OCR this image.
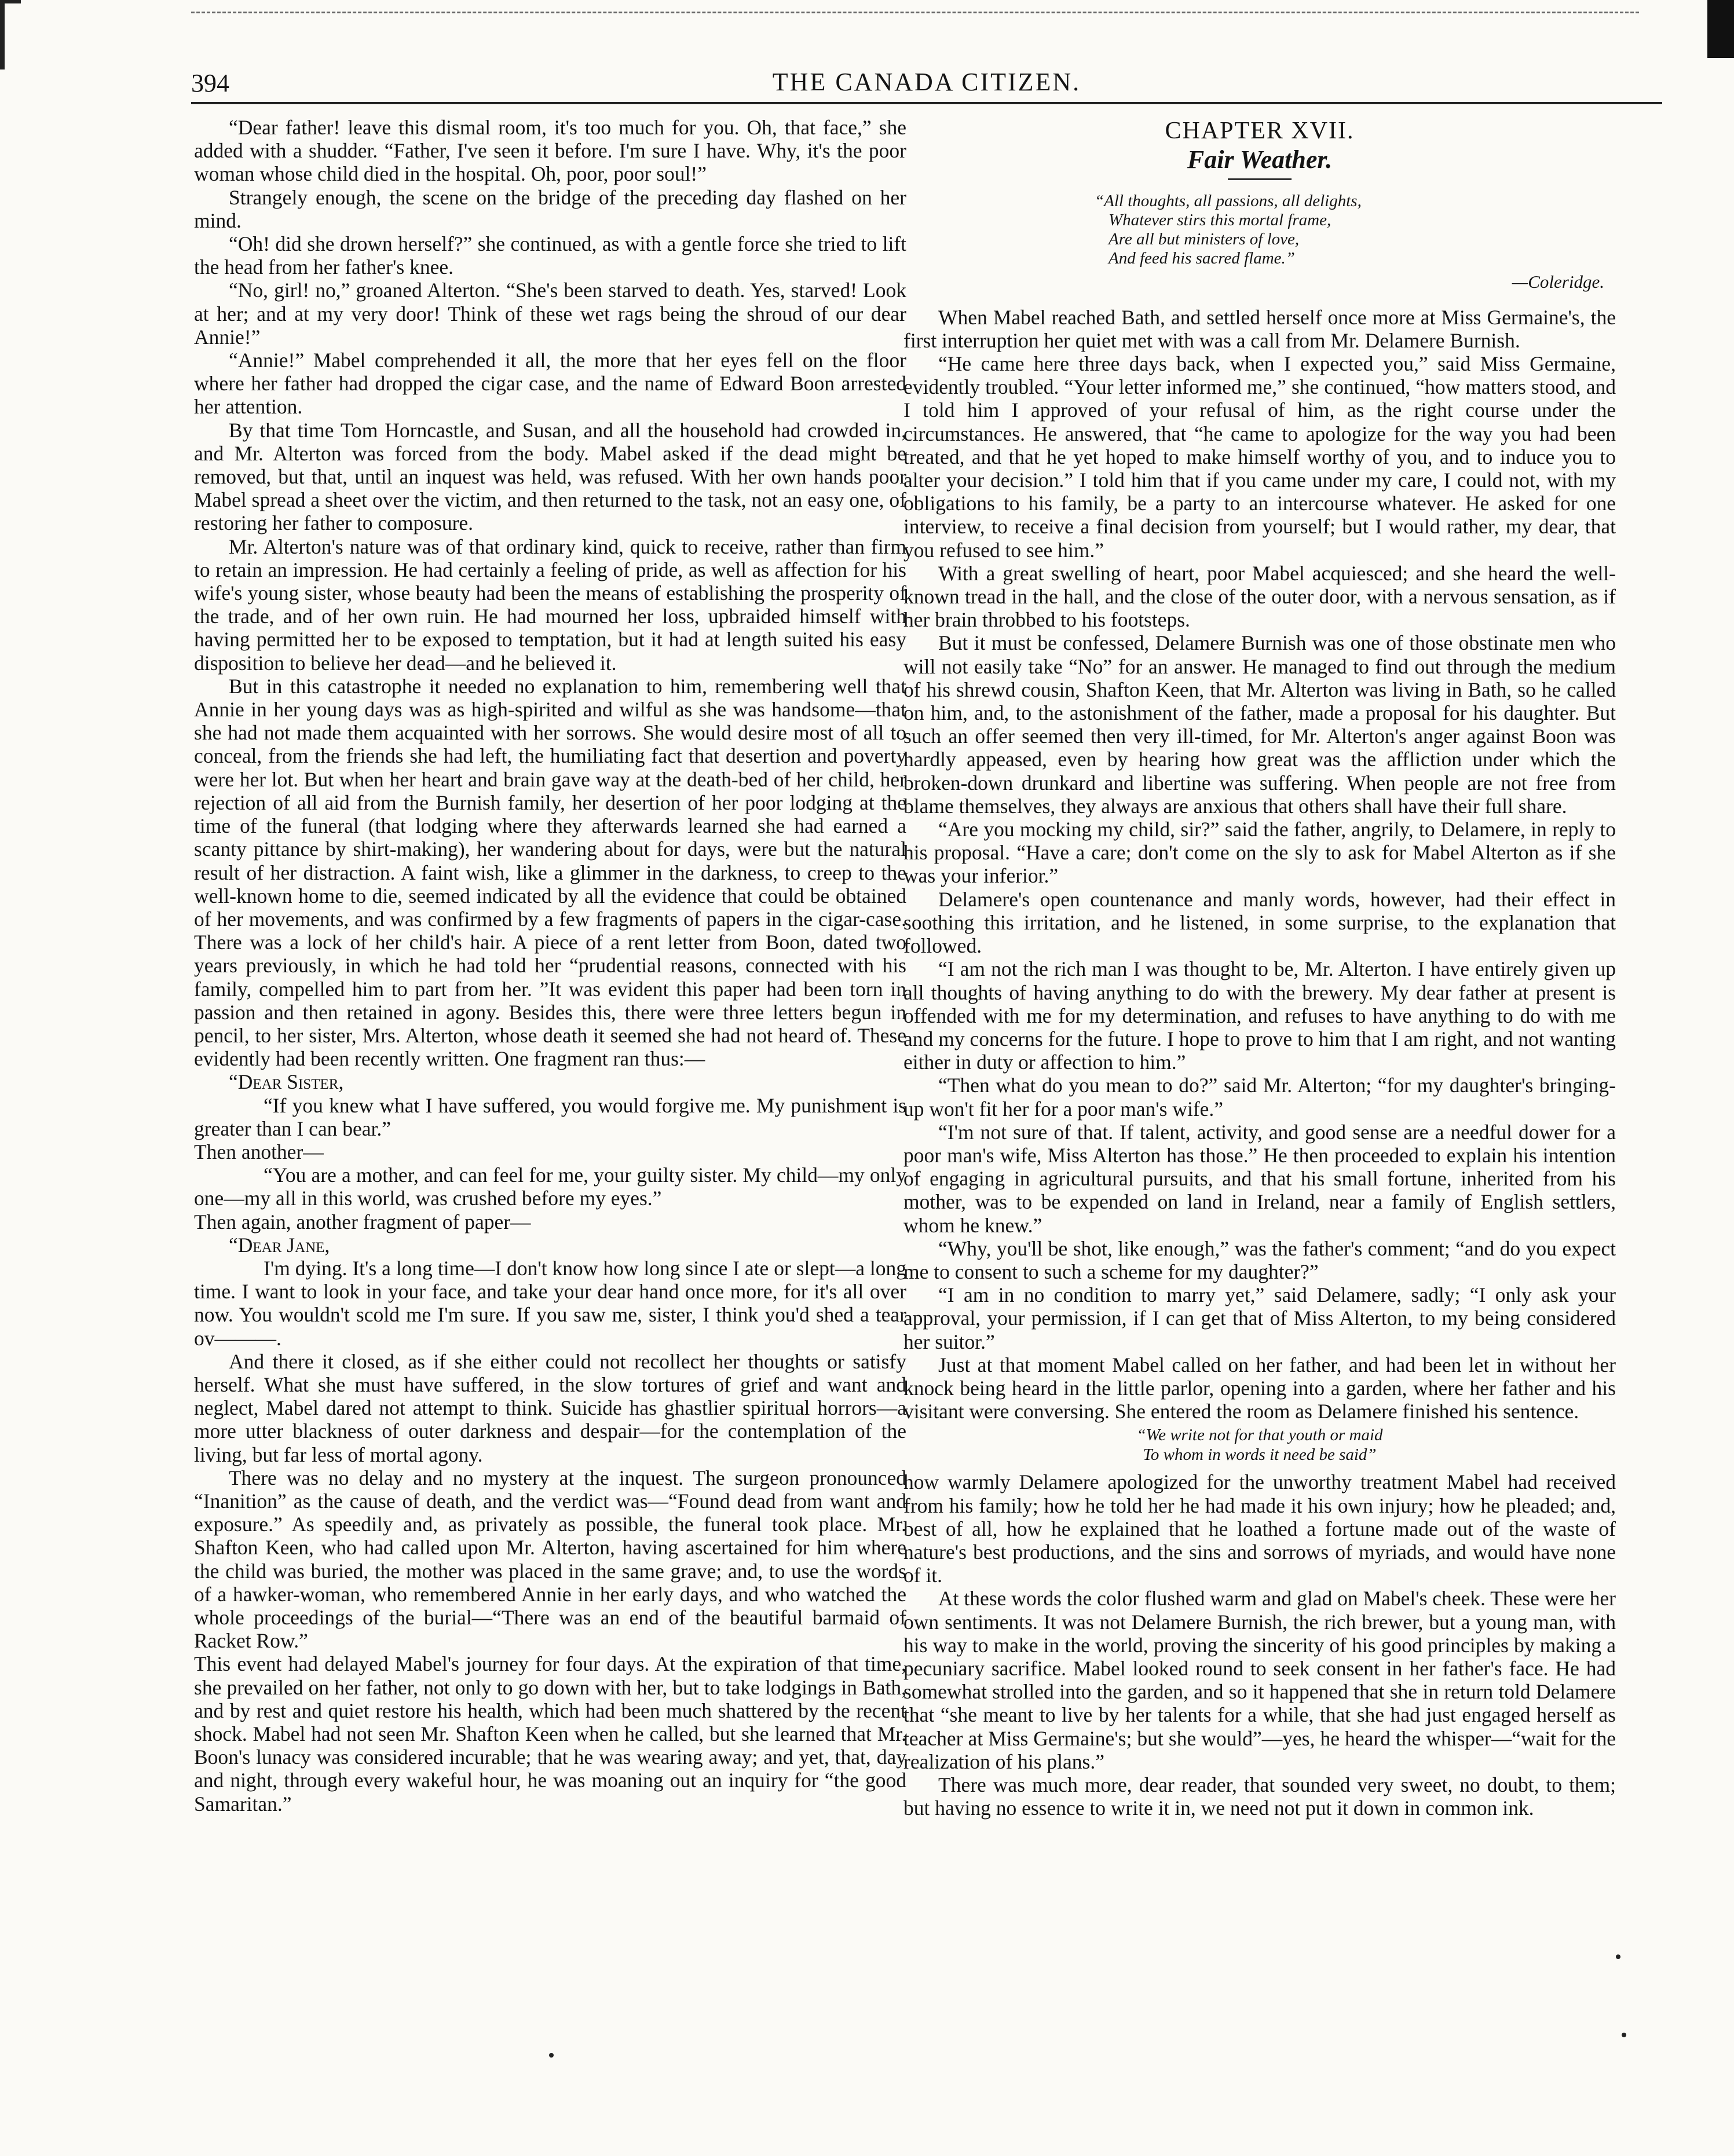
394	THE CANADA CITIZEN.

“Dear father! leave this dismal room, it's too much for you. Oh, that face,” she added with a shudder. “Father, I've seen it before. I'm sure I have. Why, it's the poor woman whose child died in the hospital. Oh, poor, poor soul!”

Strangely enough, the scene on the bridge of the preceding day flashed on her mind.

“Oh! did she drown herself?” she continued, as with a gentle force she tried to lift the head from her father's knee.

“No, girl! no,” groaned Alterton. “She's been starved to death. Yes, starved! Look at her; and at my very door! Think of these wet rags being the shroud of our dear Annie!”

“Annie!” Mabel comprehended it all, the more that her eyes fell on the floor where her father had dropped the cigar case, and the name of Edward Boon arrested her attention.

By that time Tom Horncastle, and Susan, and all the household had crowded in, and Mr. Alterton was forced from the body. Mabel asked if the dead might be removed, but that, until an inquest was held, was refused. With her own hands poor Mabel spread a sheet over the victim, and then returned to the task, not an easy one, of restoring her father to composure.

Mr. Alterton's nature was of that ordinary kind, quick to receive, rather than firm to retain an impression. He had certainly a feeling of pride, as well as affection for his wife's young sister, whose beauty had been the means of establishing the prosperity of the trade, and of her own ruin. He had mourned her loss, upbraided himself with having permitted her to be exposed to temptation, but it had at length suited his easy disposition to believe her dead—and he believed it.

But in this catastrophe it needed no explanation to him, remembering well that Annie in her young days was as high-spirited and wilful as she was handsome—that she had not made them acquainted with her sorrows. She would desire most of all to conceal, from the friends she had left, the humiliating fact that desertion and poverty were her lot. But when her heart and brain gave way at the death-bed of her child, her rejection of all aid from the Burnish family, her desertion of her poor lodging at the time of the funeral (that lodging where they afterwards learned she had earned a scanty pittance by shirt-making), her wandering about for days, were but the natural result of her distraction. A faint wish, like a glimmer in the darkness, to creep to the well-known home to die, seemed indicated by all the evidence that could be obtained of her movements, and was confirmed by a few fragments of papers in the cigar-case. There was a lock of her child's hair. A piece of a rent letter from Boon, dated two years previously, in which he had told her “prudential reasons, connected with his family, compelled him to part from her. ”It was evident this paper had been torn in passion and then retained in agony. Besides this, there were three letters begun in pencil, to her sister, Mrs. Alterton, whose death it seemed she had not heard of. These evidently had been recently written. One fragment ran thus:—

“Dear Sister,

“If you knew what I have suffered, you would forgive me. My punishment is greater than I can bear.”

Then another—

“You are a mother, and can feel for me, your guilty sister. My child—my only one—my all in this world, was crushed before my eyes.”

Then again, another fragment of paper—

“Dear Jane,

I'm dying. It's a long time—I don't know how long since I ate or slept—a long time. I want to look in your face, and take your dear hand once more, for it's all over now. You wouldn't scold me I'm sure. If you saw me, sister, I think you'd shed a tear ov———.

And there it closed, as if she either could not recollect her thoughts or satisfy herself. What she must have suffered, in the slow tortures of grief and want and neglect, Mabel dared not attempt to think. Suicide has ghastlier spiritual horrors—a more utter blackness of outer darkness and despair—for the contemplation of the living, but far less of mortal agony.

There was no delay and no mystery at the inquest. The surgeon pronounced “Inanition” as the cause of death, and the verdict was—“Found dead from want and exposure.” As speedily and, as privately as possible, the funeral took place. Mr. Shafton Keen, who had called upon Mr. Alterton, having ascertained for him where the child was buried, the mother was placed in the same grave; and, to use the words of a hawker-woman, who remembered Annie in her early days, and who watched the whole proceedings of the burial—“There was an end of the beautiful barmaid of Racket Row.”

This event had delayed Mabel's journey for four days. At the expiration of that time, she prevailed on her father, not only to go down with her, but to take lodgings in Bath, and by rest and quiet restore his health, which had been much shattered by the recent shock. Mabel had not seen Mr. Shafton Keen when he called, but she learned that Mr. Boon's lunacy was considered incurable; that he was wearing away; and yet, that, day and night, through every wakeful hour, he was moaning out an inquiry for “the good Samaritan.”

CHAPTER XVII.
Fair Weather.
“All thoughts, all passions, all delights,
Whatever stirs this mortal frame,
Are all but ministers of love,
And feed his sacred flame.”
—Coleridge.

When Mabel reached Bath, and settled herself once more at Miss Germaine's, the first interruption her quiet met with was a call from Mr. Delamere Burnish.

“He came here three days back, when I expected you,” said Miss Germaine, evidently troubled. “Your letter informed me,” she continued, “how matters stood, and I told him I approved of your refusal of him, as the right course under the circumstances. He answered, that “he came to apologize for the way you had been treated, and that he yet hoped to make himself worthy of you, and to induce you to alter your decision.” I told him that if you came under my care, I could not, with my obligations to his family, be a party to an intercourse whatever. He asked for one interview, to receive a final decision from yourself; but I would rather, my dear, that you refused to see him.”

With a great swelling of heart, poor Mabel acquiesced; and she heard the well-known tread in the hall, and the close of the outer door, with a nervous sensation, as if her brain throbbed to his footsteps.

But it must be confessed, Delamere Burnish was one of those obstinate men who will not easily take “No” for an answer. He managed to find out through the medium of his shrewd cousin, Shafton Keen, that Mr. Alterton was living in Bath, so he called on him, and, to the astonishment of the father, made a proposal for his daughter. But such an offer seemed then very ill-timed, for Mr. Alterton's anger against Boon was hardly appeased, even by hearing how great was the affliction under which the broken-down drunkard and libertine was suffering. When people are not free from blame themselves, they always are anxious that others shall have their full share.

“Are you mocking my child, sir?” said the father, angrily, to Delamere, in reply to his proposal. “Have a care; don't come on the sly to ask for Mabel Alterton as if she was your inferior.”

Delamere's open countenance and manly words, however, had their effect in soothing this irritation, and he listened, in some surprise, to the explanation that followed.

“I am not the rich man I was thought to be, Mr. Alterton. I have entirely given up all thoughts of having anything to do with the brewery. My dear father at present is offended with me for my determination, and refuses to have anything to do with me and my concerns for the future. I hope to prove to him that I am right, and not wanting either in duty or affection to him.”

“Then what do you mean to do?” said Mr. Alterton; “for my daughter's bringing-up won't fit her for a poor man's wife.”

“I'm not sure of that. If talent, activity, and good sense are a needful dower for a poor man's wife, Miss Alterton has those.” He then proceeded to explain his intention of engaging in agricultural pursuits, and that his small fortune, inherited from his mother, was to be expended on land in Ireland, near a family of English settlers, whom he knew.”

“Why, you'll be shot, like enough,” was the father's comment; “and do you expect me to consent to such a scheme for my daughter?”

“I am in no condition to marry yet,” said Delamere, sadly; “I only ask your approval, your permission, if I can get that of Miss Alterton, to my being considered her suitor.”

Just at that moment Mabel called on her father, and had been let in without her knock being heard in the little parlor, opening into a garden, where her father and his visitant were conversing. She entered the room as Delamere finished his sentence.

“We write not for that youth or maid
To whom in words it need be said”

how warmly Delamere apologized for the unworthy treatment Mabel had received from his family; how he told her he had made it his own injury; how he pleaded; and, best of all, how he explained that he loathed a fortune made out of the waste of nature's best productions, and the sins and sorrows of myriads, and would have none of it.

At these words the color flushed warm and glad on Mabel's cheek. These were her own sentiments. It was not Delamere Burnish, the rich brewer, but a young man, with his way to make in the world, proving the sincerity of his good principles by making a pecuniary sacrifice. Mabel looked round to seek consent in her father's face. He had somewhat strolled into the garden, and so it happened that she in return told Delamere that “she meant to live by her talents for a while, that she had just engaged herself as teacher at Miss Germaine's; but she would”—yes, he heard the whisper—“wait for the realization of his plans.”

There was much more, dear reader, that sounded very sweet, no doubt, to them; but having no essence to write it in, we need not put it down in common ink.
